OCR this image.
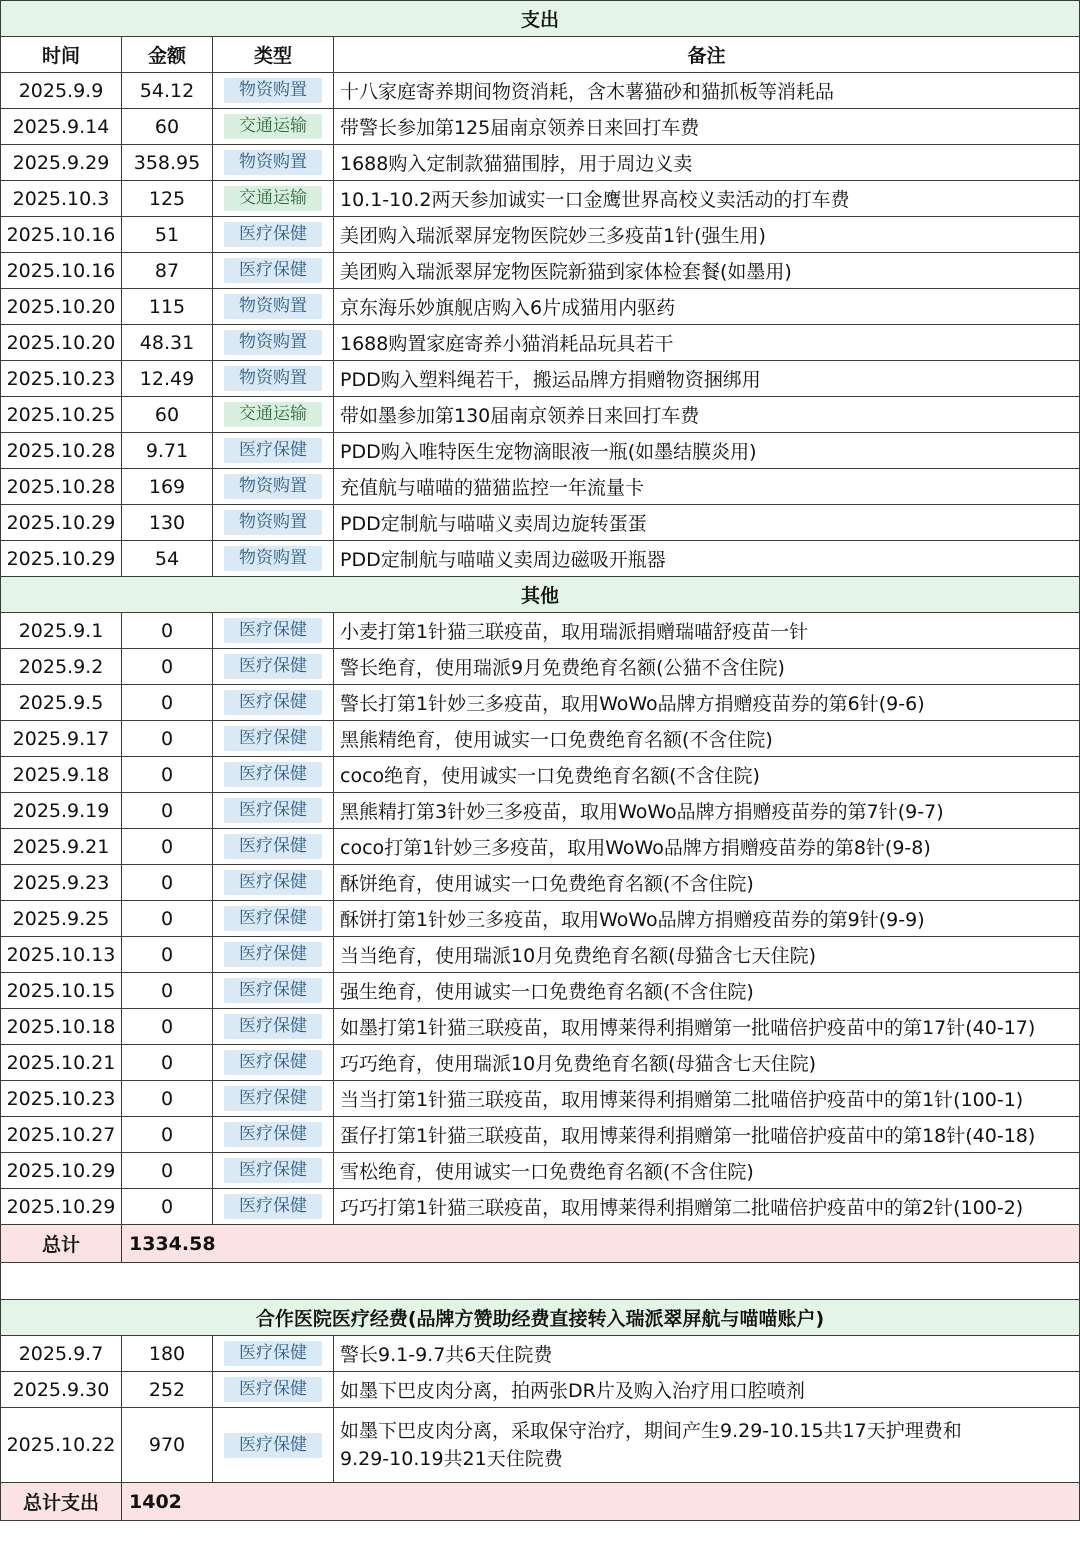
支出			
时间	金额	类型	备注
2025.9.9	54.12	物资购置	十八家庭寄养期间物资消耗，含木薯猫砂和猫抓板等消耗品
2025.9.14	60	交通运输	带警长参加第125届南京领养日来回打车费
2025.9.29	358.95	物资购置	1688购入定制款猫猫围脖，用于周边义卖
2025.10.3	125	交通运输	10.1-10.2两天参加诚实一口金鹰世界高校义卖活动的打车费
2025.10.16	51	医疗保健	美团购入瑞派翠屏宠物医院妙三多疫苗1针(强生用)
2025.10.16	87	医疗保健	美团购入瑞派翠屏宠物医院新猫到家体检套餐(如墨用)
2025.10.20	115	物资购置	京东海乐妙旗舰店购入6片成猫用内驱药
2025.10.20	48.31	物资购置	1688购置家庭寄养小猫消耗品玩具若干
2025.10.23	12.49	物资购置	PDD购入塑料绳若干，搬运品牌方捐赠物资捆绑用
2025.10.25	60	交通运输	带如墨参加第130届南京领养日来回打车费
2025.10.28	9.71	医疗保健	PDD购入唯特医生宠物滴眼液一瓶(如墨结膜炎用)
2025.10.28	169	物资购置	充值航与喵喵的猫猫监控一年流量卡
2025.10.29	130	物资购置	PDD定制航与喵喵义卖周边旋转蛋蛋
2025.10.29	54	物资购置	PDD定制航与喵喵义卖周边磁吸开瓶器
其他			
2025.9.1	0	医疗保健	小麦打第1针猫三联疫苗，取用瑞派捐赠瑞喵舒疫苗一针
2025.9.2	0	医疗保健	警长绝育，使用瑞派9月免费绝育名额(公猫不含住院)
2025.9.5	0	医疗保健	警长打第1针妙三多疫苗，取用WoWo品牌方捐赠疫苗券的第6针(9-6)
2025.9.17	0	医疗保健	黑熊精绝育，使用诚实一口免费绝育名额(不含住院)
2025.9.18	0	医疗保健	coco绝育，使用诚实一口免费绝育名额(不含住院)
2025.9.19	0	医疗保健	黑熊精打第3针妙三多疫苗，取用WoWo品牌方捐赠疫苗券的第7针(9-7)
2025.9.21	0	医疗保健	coco打第1针妙三多疫苗，取用WoWo品牌方捐赠疫苗券的第8针(9-8)
2025.9.23	0	医疗保健	酥饼绝育，使用诚实一口免费绝育名额(不含住院)
2025.9.25	0	医疗保健	酥饼打第1针妙三多疫苗，取用WoWo品牌方捐赠疫苗券的第9针(9-9)
2025.10.13	0	医疗保健	当当绝育，使用瑞派10月免费绝育名额(母猫含七天住院)
2025.10.15	0	医疗保健	强生绝育，使用诚实一口免费绝育名额(不含住院)
2025.10.18	0	医疗保健	如墨打第1针猫三联疫苗，取用博莱得利捐赠第一批喵倍护疫苗中的第17针(40-17)
2025.10.21	0	医疗保健	巧巧绝育，使用瑞派10月免费绝育名额(母猫含七天住院)
2025.10.23	0	医疗保健	当当打第1针猫三联疫苗，取用博莱得利捐赠第二批喵倍护疫苗中的第1针(100-1)
2025.10.27	0	医疗保健	蛋仔打第1针猫三联疫苗，取用博莱得利捐赠第一批喵倍护疫苗中的第18针(40-18)
2025.10.29	0	医疗保健	雪松绝育，使用诚实一口免费绝育名额(不含住院)
2025.10.29	0	医疗保健	巧巧打第1针猫三联疫苗，取用博莱得利捐赠第二批喵倍护疫苗中的第2针(100-2)
总计	1334.58		

合作医院医疗经费(品牌方赞助经费直接转入瑞派翠屏航与喵喵账户)			
2025.9.7	180	医疗保健	警长9.1-9.7共6天住院费
2025.9.30	252	医疗保健	如墨下巴皮肉分离，拍两张DR片及购入治疗用口腔喷剂
2025.10.22	970	医疗保健	如墨下巴皮肉分离，采取保守治疗，期间产生9.29-10.15共17天护理费和
9.29-10.19共21天住院费

总计支出	1402		
